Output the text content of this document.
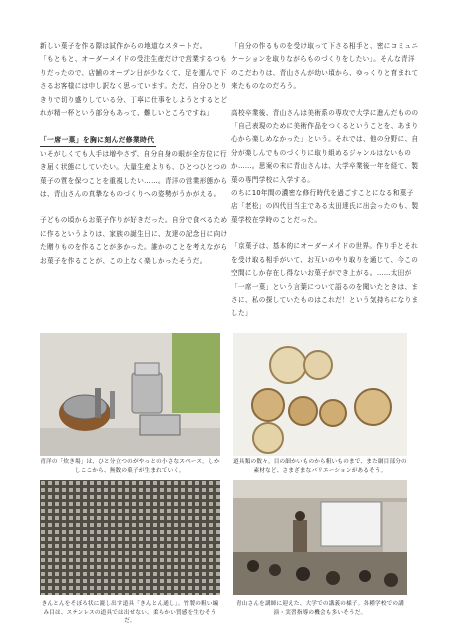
新しい菓子を作る際は試作からの地道なスタートだ。

「もともと、オーダーメイドの受注生産だけで営業するつもりだったので、店舗のオープン日が少なくて、足を運んで下さるお客様には申し訳なく思っています。ただ、自分ひとりきりで切り盛りしている分、丁寧に仕事をしようとするとどれが精一杯という部分もあって、難しいところですね」

「一席一菓」を胸に刻んだ修業時代

いそがしくても人手は増やさず、自分自身の眼が全方位に行き届く状態にしていたい。大量生産よりも、ひとつひとつの菓子の質を保つことを重視したい……。青洋の営業形態からは、青山さんの真摯なものづくりへの姿勢がうかがえる。

子どもの頃からお菓子作りが好きだった。自分で食べるために作るというよりは、家族の誕生日に、友達の記念日に向けた贈りものを作ることが多かった。誰かのことを考えながらお菓子を作ることが、この上なく楽しかったそうだ。

「自分の作るものを受け取って下さる相手と、密にコミュニケーションを取りながらものづくりをしたい」。そんな青洋のこだわりは、青山さんが幼い頃から、ゆっくりと育まれて来たものなのだろう。

高校卒業後、青山さんは美術系の専攻で大学に進んだものの「自己表現のために美術作品をつくるということを、あまり心から楽しめなかった」という。それでは、他の分野に、自分が楽しんでものづくりに取り組めるジャンルはないものか……。思案の末に青山さんは、大学卒業後一年を経て、製菓の専門学校に入学する。

のちに10年間の濃密な修行時代を過ごすことになる和菓子店「老松」の四代目当主である太田達氏に出会ったのも、製菓学校在学時のことだった。

「京菓子は、基本的にオーダーメイドの世界。作り手とそれを受け取る相手がいて、お互いのやり取りを通じて、今この空間にしか存在し得ないお菓子ができ上がる。……太田が「一席一菓」という言葉について語るのを聞いたときは、まさに、私の探していたものはこれだ！という気持ちになりました」

青洋の「炊き場」は、ひと分立つのがやっとの小さなスペース。しかしここから、無数の菓子が生まれていく。
道具類の数々。目の細かいものから粗いものまで、また網目部分の素材など、さまざまなバリエーションがあるそう。
きんとんをそぼろ状に漉し出す道具「きんとん通し」。竹製の粗い編み目は、ステンレスの道具では出せない、柔らかい質感を生むそうだ。
青山さんを講師に迎えた、大学での講義の様子。各種学校での講演・実習指導の機会も多いそうだ。
